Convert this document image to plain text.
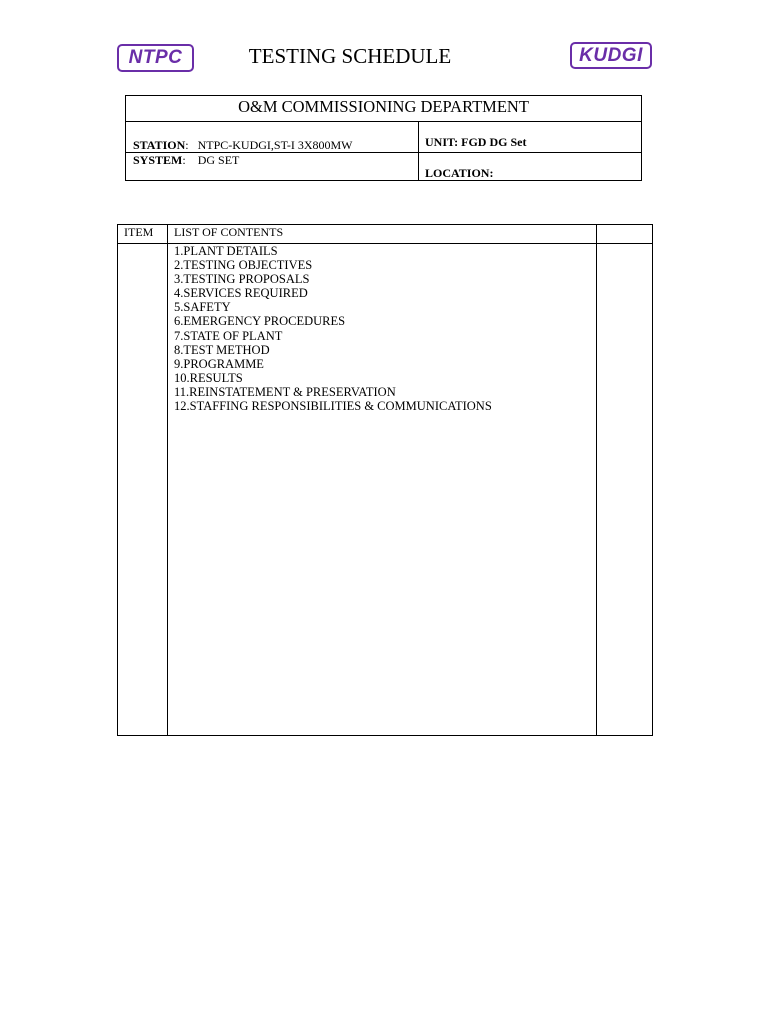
NTPC	TESTING SCHEDULE	KUDGI
O&M COMMISSIONING DEPARTMENT
STATION: NTPC-KUDGI,ST-I 3X800MW	UNIT: FGD DG Set
SYSTEM: DG SET
LOCATION:
ITEM LIST OF CONTENTS
1.PLANT DETAILS
2.TESTING OBJECTIVES
3.TESTING PROPOSALS
4.SERVICES REQUIRED
5.SAFETY
6.EMERGENCY PROCEDURES
7.STATE OF PLANT
8.TEST METHOD
9.PROGRAMME
10.RESULTS
11.REINSTATEMENT & PRESERVATION
12.STAFFING RESPONSIBILITIES & COMMUNICATIONS
